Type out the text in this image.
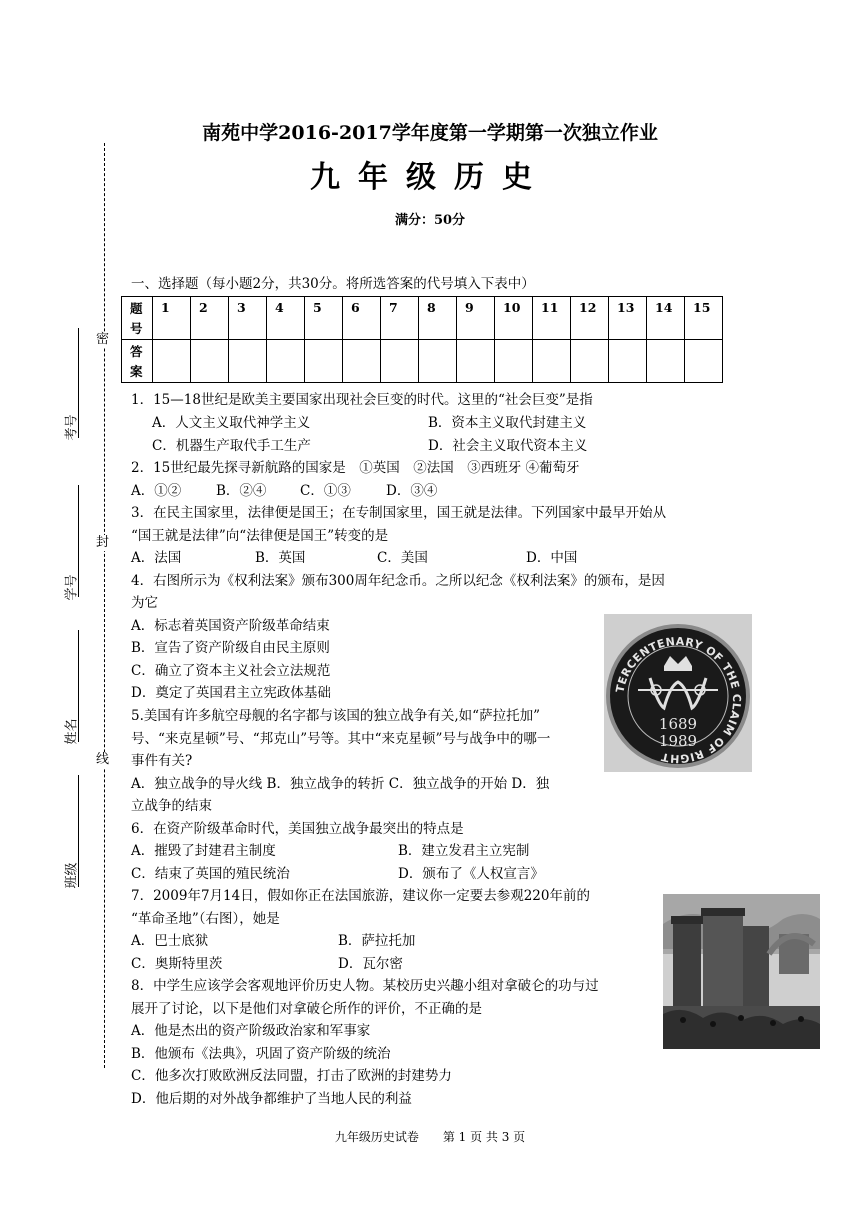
南苑中学2016-2017学年度第一学期第一次独立作业
九年级历史
满分：50分
密
封
线
考号
学号
姓名
班级
一、选择题（每小题2分，共30分。将所选答案的代号填入下表中）
题
号	1	2	3	4	5	6	7	8	9	10	11	12	13	14	15
答
案															
1．15—18世纪是欧美主要国家出现社会巨变的时代。这里的“社会巨变”是指
A．人文主义取代神学主义	B．资本主义取代封建主义
C．机器生产取代手工生产	D．社会主义取代资本主义
2．15世纪最先探寻新航路的国家是　①英国　②法国　③西班牙 ④葡萄牙
A．①②	B．②④ C．①③	D．③④
3．在民主国家里，法律便是国王；在专制国家里，国王就是法律。下列国家中最早开始从
“国王就是法律”向“法律便是国王”转变的是
A．法国	B．英国	C．美国	D．中国
4．右图所示为《权利法案》颁布300周年纪念币。之所以纪念《权利法案》的颁布，是因
为它
A．标志着英国资产阶级革命结束
B．宣告了资产阶级自由民主原则
C．确立了资本主义社会立法规范
D．奠定了英国君主立宪政体基础	TERCENTENARY OF THE CLAIM OF RIGHT
1689
1989
5.美国有许多航空母舰的名字都与该国的独立战争有关,如“萨拉托加”
号、“来克星顿”号、“邦克山”号等。其中“来克星顿”号与战争中的哪一
事件有关?
A．独立战争的导火线 B．独立战争的转折 C．独立战争的开始 D．独
立战争的结束
6．在资产阶级革命时代，美国独立战争最突出的特点是
A．摧毁了封建君主制度	B．建立发君主立宪制
C．结束了英国的殖民统治	D．颁布了《人权宣言》
7．2009年7月14日，假如你正在法国旅游，建议你一定要去参观220年前的
“革命圣地”（右图），她是
A．巴士底狱	B．萨拉托加
C．奥斯特里茨	D．瓦尔密
8．中学生应该学会客观地评价历史人物。某校历史兴趣小组对拿破仑的功与过
展开了讨论，以下是他们对拿破仑所作的评价，不正确的是
A．他是杰出的资产阶级政治家和军事家
B．他颁布《法典》，巩固了资产阶级的统治
C．他多次打败欧洲反法同盟，打击了欧洲的封建势力
D．他后期的对外战争都维护了当地人民的利益
九年级历史试卷　　第 1 页 共 3 页
